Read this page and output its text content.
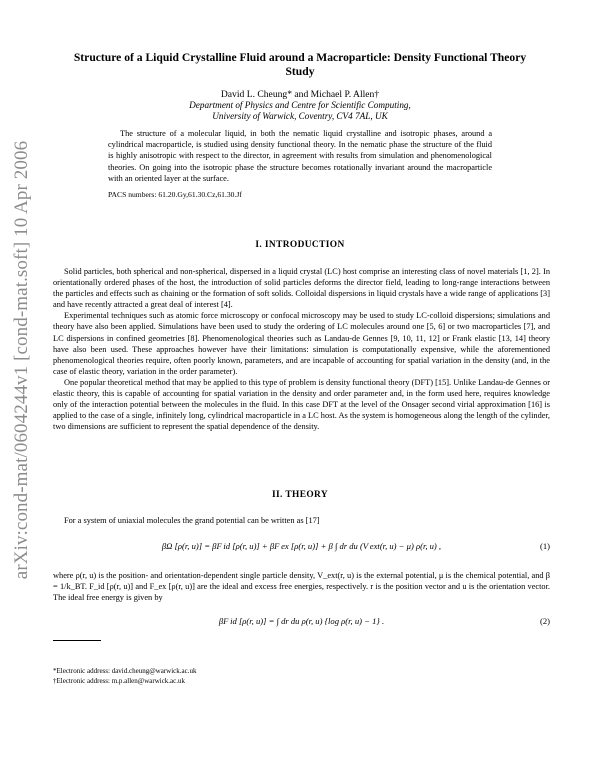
arXiv:cond-mat/0604244v1 [cond-mat.soft] 10 Apr 2006
Structure of a Liquid Crystalline Fluid around a Macroparticle: Density Functional Theory Study
David L. Cheung* and Michael P. Allen†
Department of Physics and Centre for Scientific Computing,
University of Warwick, Coventry, CV4 7AL, UK
The structure of a molecular liquid, in both the nematic liquid crystalline and isotropic phases, around a cylindrical macroparticle, is studied using density functional theory. In the nematic phase the structure of the fluid is highly anisotropic with respect to the director, in agreement with results from simulation and phenomenological theories. On going into the isotropic phase the structure becomes rotationally invariant around the macroparticle with an oriented layer at the surface.
PACS numbers: 61.20.Gy,61.30.Cz,61.30.Jf
I. INTRODUCTION

Solid particles, both spherical and non-spherical, dispersed in a liquid crystal (LC) host comprise an interesting class of novel materials [1, 2]. In orientationally ordered phases of the host, the introduction of solid particles deforms the director field, leading to long-range interactions between the particles and effects such as chaining or the formation of soft solids. Colloidal dispersions in liquid crystals have a wide range of applications [3] and have recently attracted a great deal of interest [4].

Experimental techniques such as atomic force microscopy or confocal microscopy may be used to study LC-colloid dispersions; simulations and theory have also been applied. Simulations have been used to study the ordering of LC molecules around one [5, 6] or two macroparticles [7], and LC dispersions in confined geometries [8]. Phenomenological theories such as Landau-de Gennes [9, 10, 11, 12] or Frank elastic [13, 14] theory have also been used. These approaches however have their limitations: simulation is computationally expensive, while the aforementioned phenomenological theories require, often poorly known, parameters, and are incapable of accounting for spatial variation in the density (and, in the case of elastic theory, variation in the order parameter).

One popular theoretical method that may be applied to this type of problem is density functional theory (DFT) [15]. Unlike Landau-de Gennes or elastic theory, this is capable of accounting for spatial variation in the density and order parameter and, in the form used here, requires knowledge only of the interaction potential between the molecules in the fluid. In this case DFT at the level of the Onsager second virial approximation [16] is applied to the case of a single, infinitely long, cylindrical macroparticle in a LC host. As the system is homogeneous along the length of the cylinder, two dimensions are sufficient to represent the spatial dependence of the density.

II. THEORY

For a system of uniaxial molecules the grand potential can be written as [17]

βΩ [ρ(r, u)] = βF id [ρ(r, u)] + βF ex [ρ(r, u)] + β ∫ dr du (V ext(r, u) − μ) ρ(r, u) ,	(1)

where ρ(r, u) is the position- and orientation-dependent single particle density, V_ext(r, u) is the external potential, μ is the chemical potential, and β = 1/k_BT. F_id [ρ(r, u)] and F_ex [ρ(r, u)] are the ideal and excess free energies, respectively. r is the position vector and u is the orientation vector. The ideal free energy is given by

βF id [ρ(r, u)] = ∫ dr du ρ(r, u) {log ρ(r, u) − 1} .	(2)
*Electronic address: david.cheung@warwick.ac.uk
†Electronic address: m.p.allen@warwick.ac.uk
